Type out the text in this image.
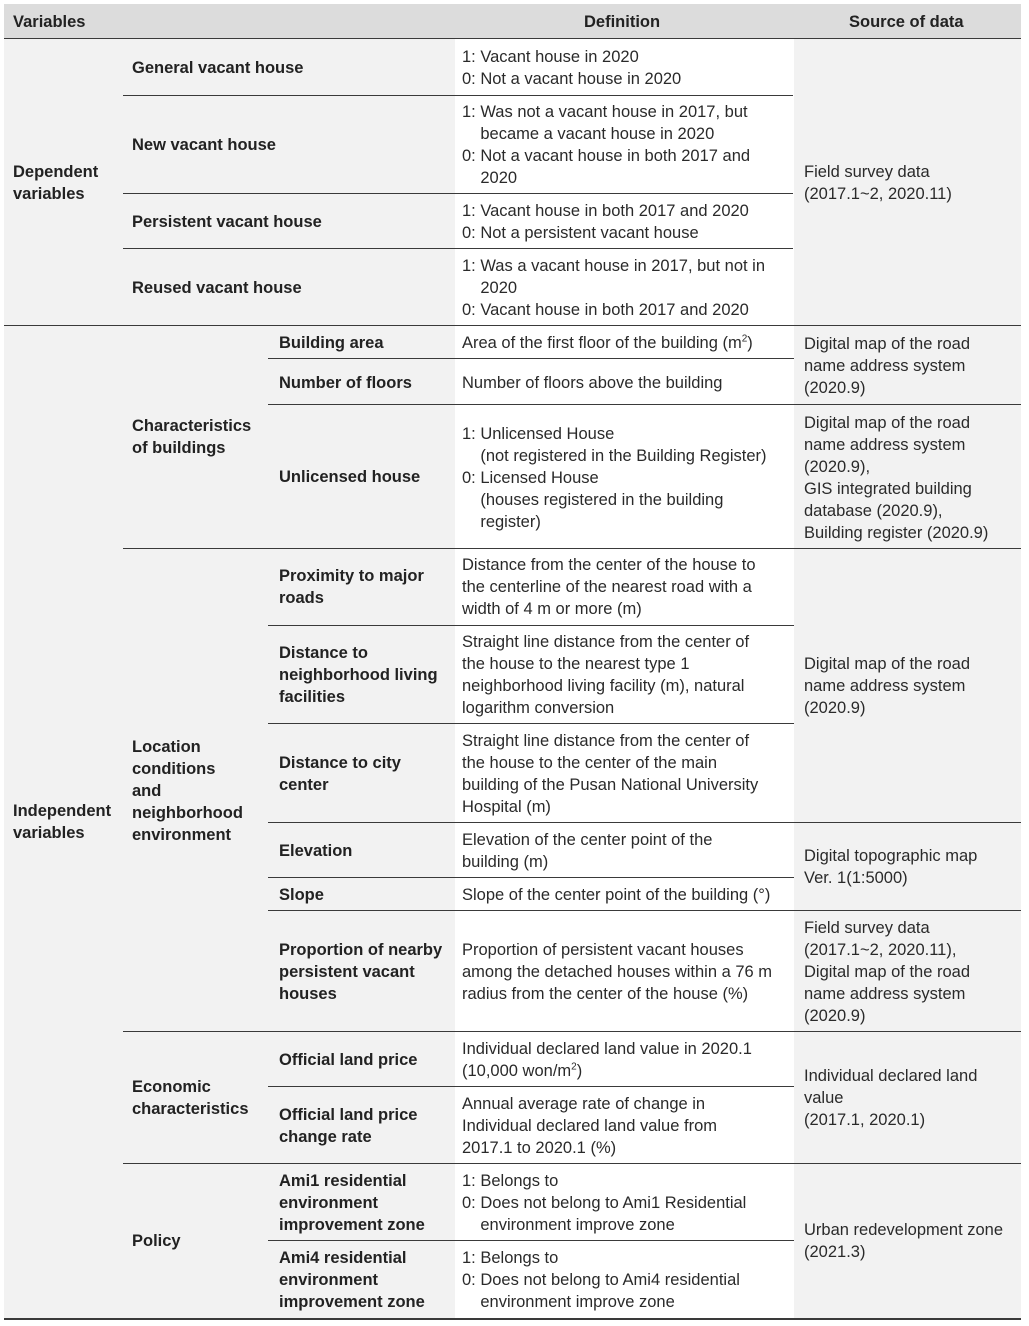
Variables	Definition	Source of data
Dependent
variables
Independent
variables
Characteristics
of buildings
Location
conditions
and
neighborhood
environment
Economic
characteristics
Policy
General vacant house
New vacant house
Persistent vacant house
Reused vacant house
Building area
Number of floors
Unlicensed house
Proximity to major
roads
Distance to
neighborhood living
facilities
Distance to city
center
Elevation
Slope
Proportion of nearby
persistent vacant
houses
Official land price
Official land price
change rate
Ami1 residential
environment
improvement zone
Ami4 residential
environment
improvement zone
1: Vacant house in 2020
0: Not a vacant house in 2020
1: Was not a vacant house in 2017, but
became a vacant house in 2020
0: Not a vacant house in both 2017 and
2020
1: Vacant house in both 2017 and 2020
0: Not a persistent vacant house
1: Was a vacant house in 2017, but not in
2020
0: Vacant house in both 2017 and 2020
Area of the first floor of the building $(m^2)$
Number of floors above the building
1: Unlicensed House
(not registered in the Building Register)
0: Licensed House
(houses registered in the building
register)
Distance from the center of the house to
the centerline of the nearest road with a
width of 4 m or more (m)
Straight line distance from the center of
the house to the nearest type 1
neighborhood living facility (m), natural
logarithm conversion
Straight line distance from the center of
the house to the center of the main
building of the Pusan National University
Hospital (m)
Elevation of the center point of the
building (m)
Slope of the center point of the building (°)
Proportion of persistent vacant houses
among the detached houses within a 76 m
radius from the center of the house (%)
Individual declared land value in 2020.1
(10,000 won/$m^2$)
Annual average rate of change in
Individual declared land value from
2017.1 to 2020.1 (%)
1: Belongs to
0: Does not belong to Ami1 Residential
environment improve zone
1: Belongs to
0: Does not belong to Ami4 residential
environment improve zone
Field survey data
(2017.1~2, 2020.11)
Digital map of the road
name address system
(2020.9)
Digital map of the road
name address system
(2020.9),
GIS integrated building
database (2020.9),
Building register (2020.9)
Digital map of the road
name address system
(2020.9)
Digital topographic map
Ver. 1(1:5000)
Field survey data
(2017.1~2, 2020.11),
Digital map of the road
name address system
(2020.9)
Individual declared land
value
(2017.1, 2020.1)
Urban redevelopment zone
(2021.3)
